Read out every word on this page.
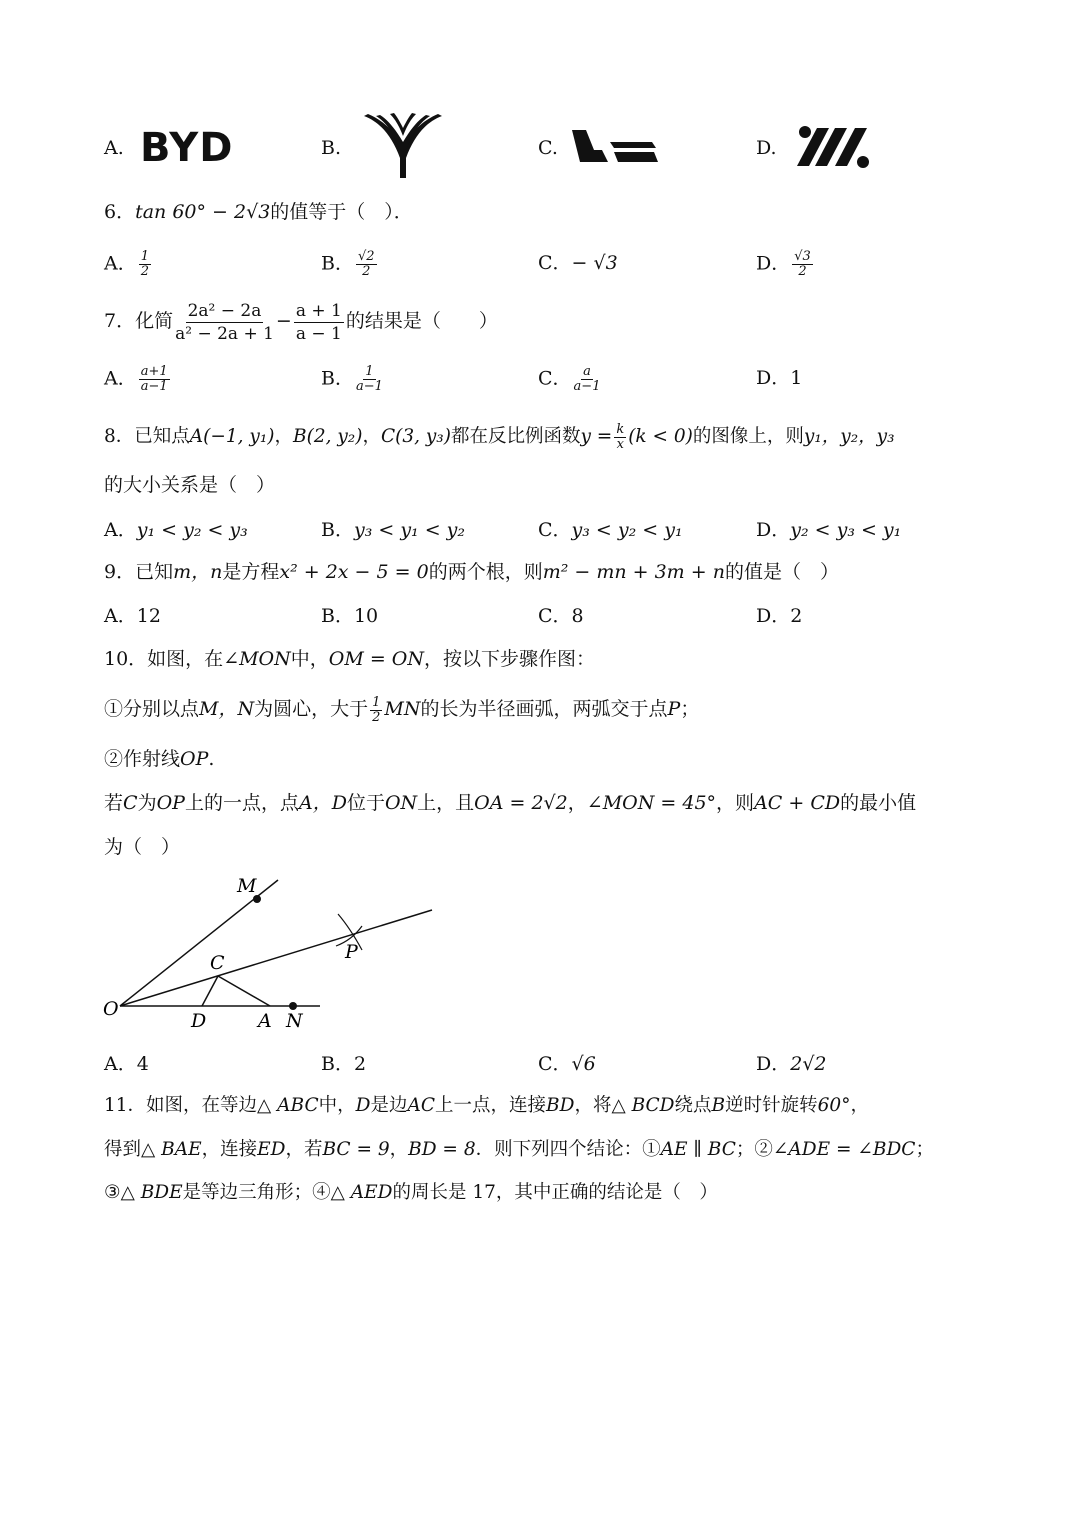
A. BYD	B.	C.	D.
6．tan 60° − 2√3的值等于（　）．
A． $\frac{1}{2}$	B． $\frac{√2}{2}$	C．− √3	D． $\frac{√3}{2}$
7．化简 $\frac{\text{2a² − 2a}}{\text{a² − 2a + 1}} - \frac{a + 1}{a - 1}$ 的结果是（　　）
A． $\frac{a+1}{a-1}$	B． $\frac{1}{a-1}$	C． $\frac{a}{a-1}$	D．1
8．已知点A(−1, y₁)，B(2, y₂)，C(3, y₃)都在反比例函数$y = \frac{k}{x} (k < 0)$的图像上，则y₁，y₂，y₃
的大小关系是（　）
A．y₁ < y₂ < y₃	B．y₃ < y₁ < y₂	C．y₃ < y₂ < y₁	D．y₂ < y₃ < y₁
9．已知m，n是方程x² + 2x − 5 = 0的两个根，则m² − mn + 3m + n的值是（　）
A．12	B．10	C．8	D．2
10．如图，在∠MON中，OM = ON，按以下步骤作图：
①分别以点M，N为圆心，大于 $\frac{1}{2}$ MN的长为半径画弧，两弧交于点P；
②作射线OP.
若C为OP上的一点，点A，D位于ON上，且OA = 2√2，∠MON = 45°，则AC + CD的最小值
为（　）
M
P
C
O
D	A N
A．4	B．2	C．√6	D．2√2
11．如图，在等边△ ABC中，D是边AC上一点，连接BD，将△ BCD绕点B逆时针旋转60°，
得到△ BAE，连接ED，若BC = 9，BD = 8．则下列四个结论：①AE ∥ BC；②∠ADE = ∠BDC；
③△ BDE是等边三角形；④△ AED的周长是 17，其中正确的结论是（　）
